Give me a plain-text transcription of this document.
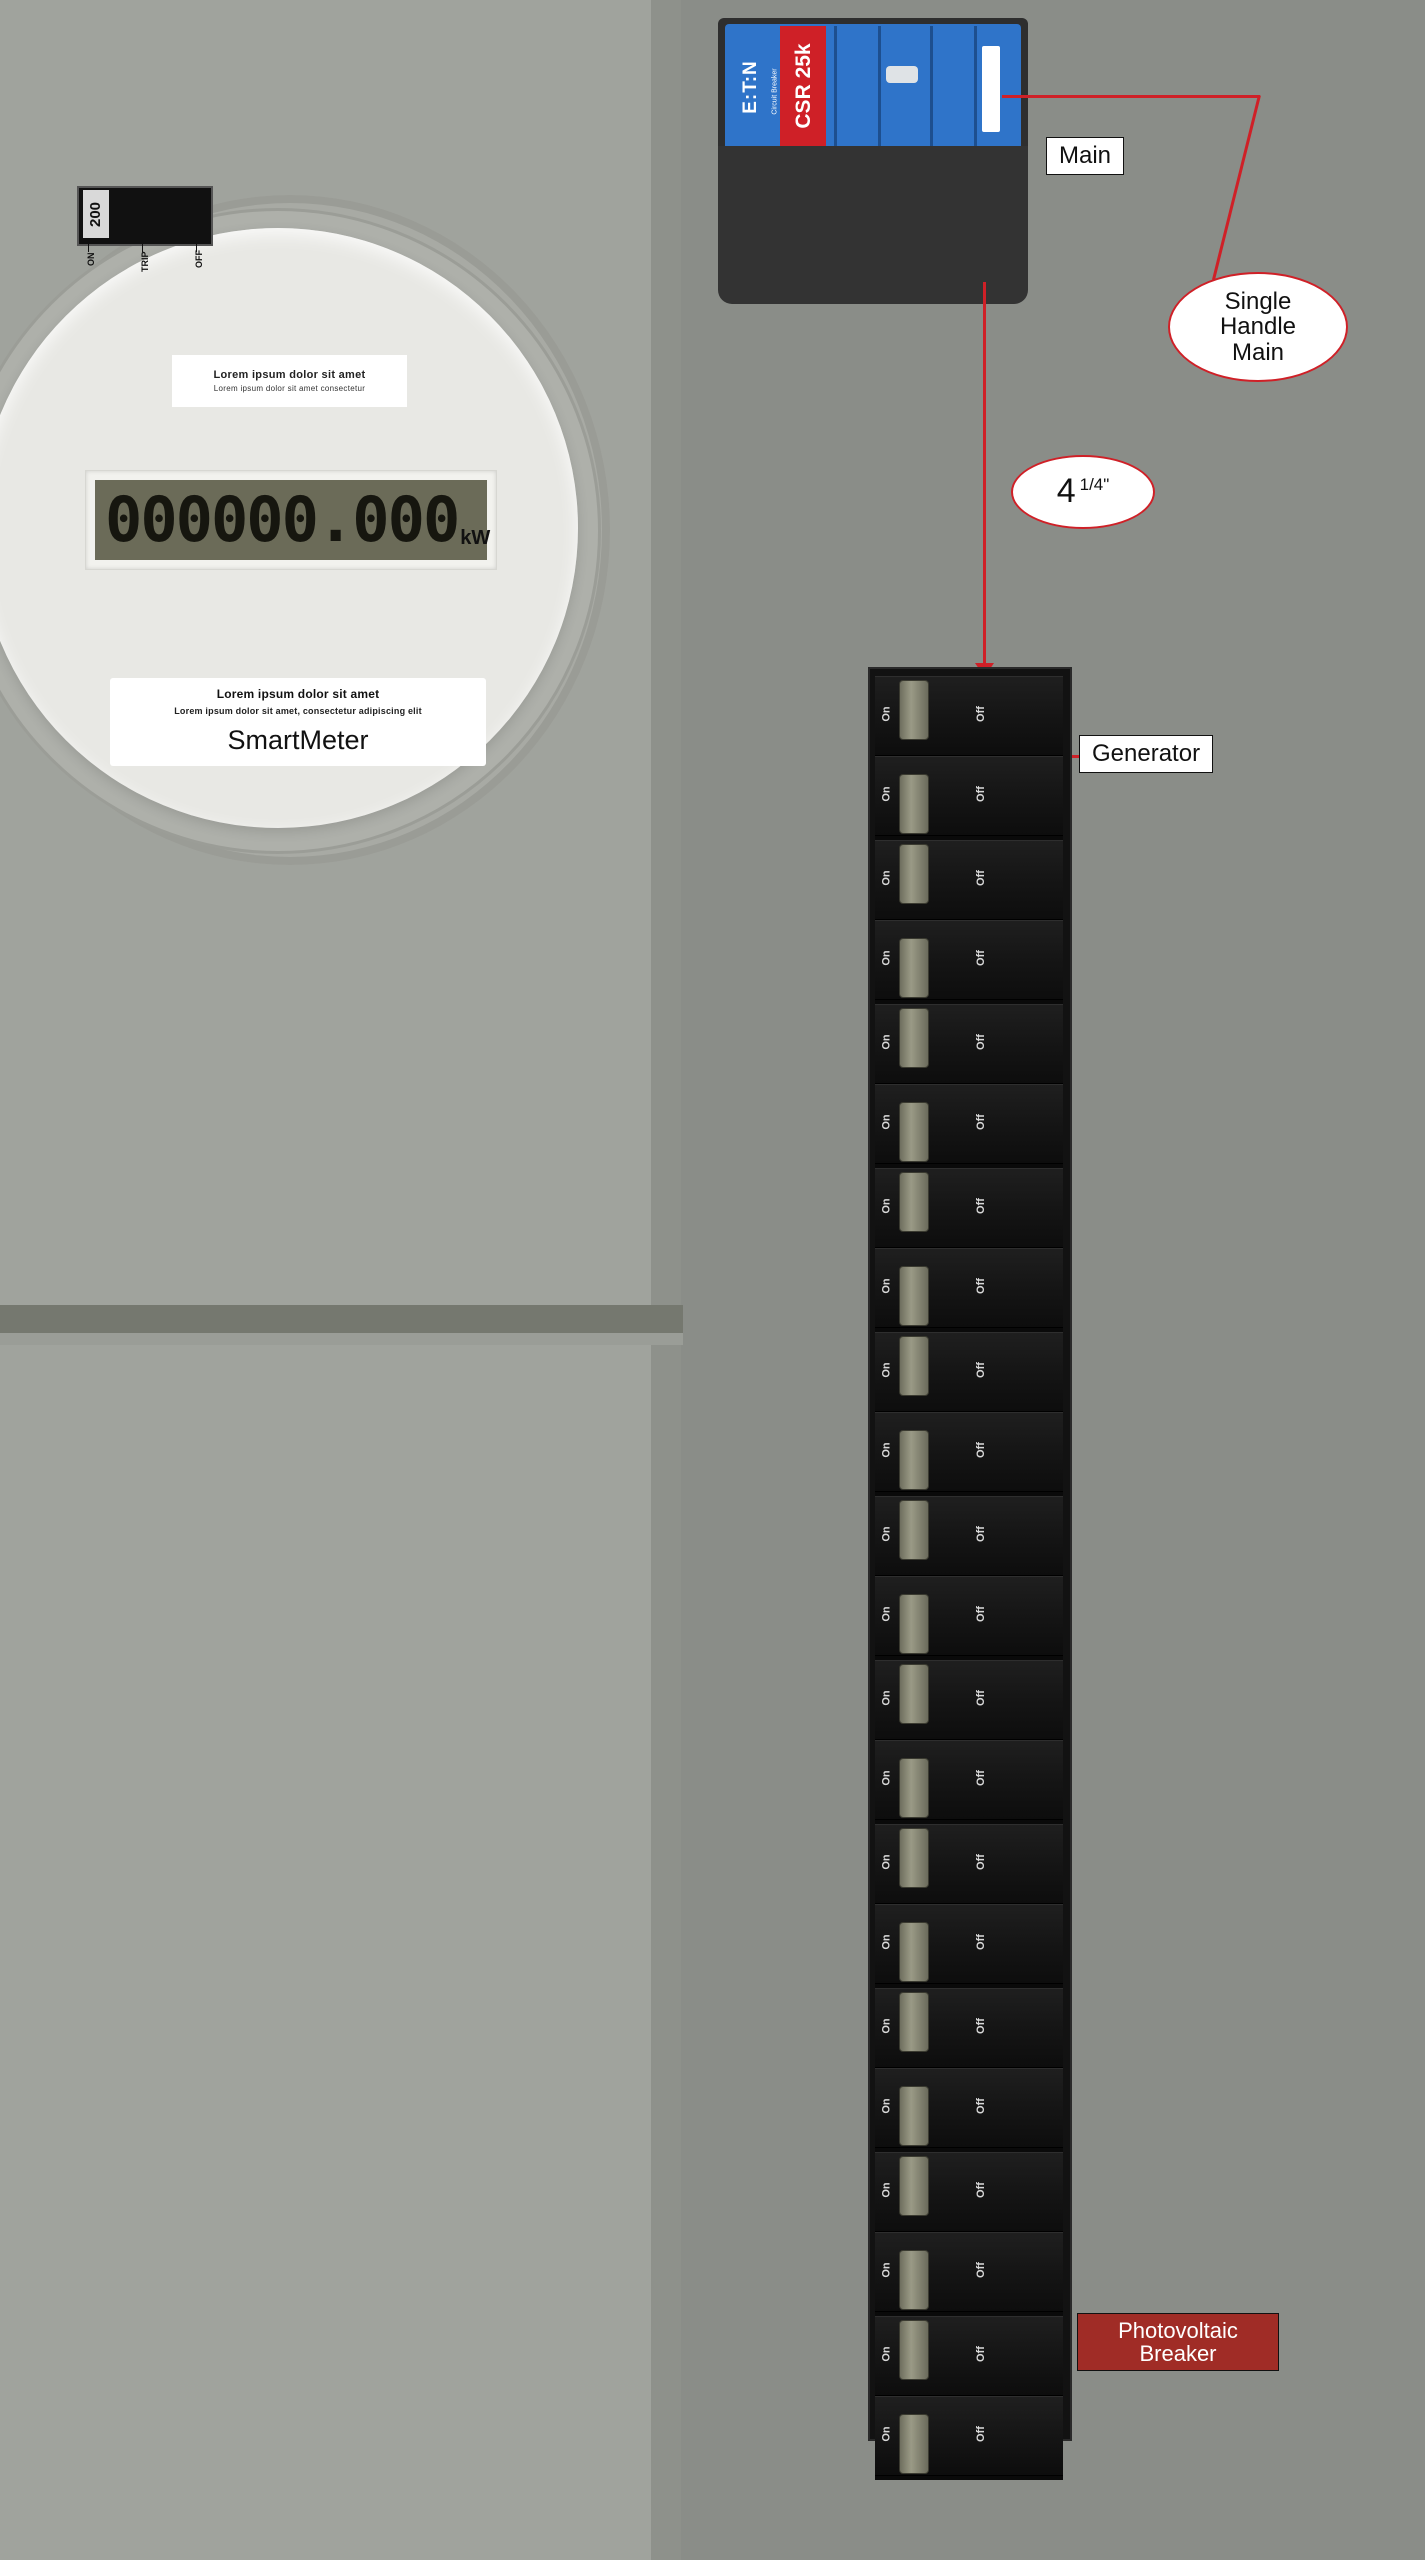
Lorem ipsum dolor sit amet
Lorem ipsum dolor sit amet consectetur
000 000.000 kW
Lorem ipsum dolor sit amet
Lorem ipsum dolor sit amet, consectetur adipiscing elit
SmartMeter
E:T:N Circuit Breaker CSR 25k
200
ON	TRIP	OFF
Main
Single
Handle
Main
4 1/4"
Generator
Photovoltaic
Breaker
On	Off
On	Off
On	Off
On	Off
On	Off
On	Off
On	Off
On	Off
On	Off
On	Off
On	Off
On	Off
On	Off
On	Off
On	Off
On	Off
On	Off
On	Off
On	Off
On	Off
On	Off
On	Off
